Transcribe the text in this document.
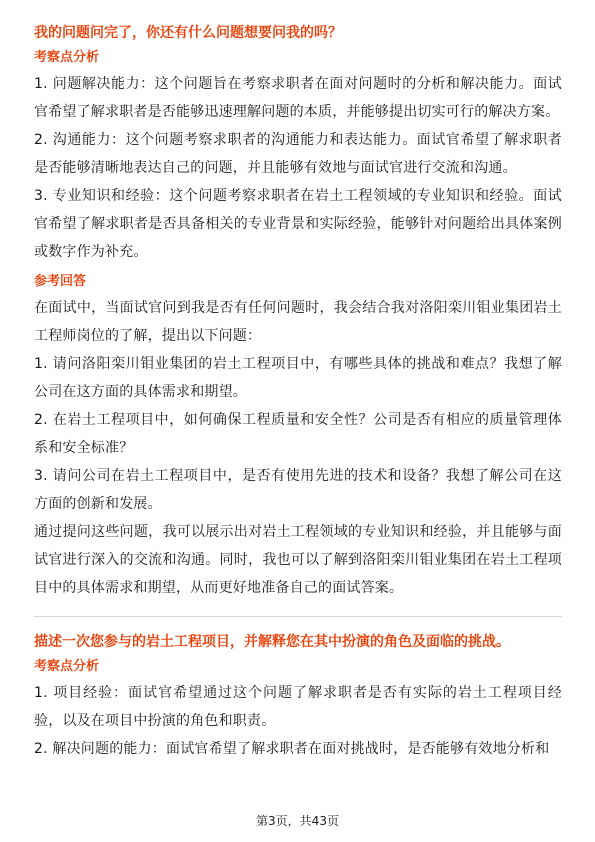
我的问题问完了，你还有什么问题想要问我的吗？
考察点分析

1. 问题解决能力：这个问题旨在考察求职者在面对问题时的分析和解决能力。面试官希望了解求职者是否能够迅速理解问题的本质，并能够提出切实可行的解决方案。

2. 沟通能力：这个问题考察求职者的沟通能力和表达能力。面试官希望了解求职者是否能够清晰地表达自己的问题，并且能够有效地与面试官进行交流和沟通。

3. 专业知识和经验：这个问题考察求职者在岩土工程领域的专业知识和经验。面试官希望了解求职者是否具备相关的专业背景和实际经验，能够针对问题给出具体案例或数字作为补充。

参考回答

在面试中，当面试官问到我是否有任何问题时，我会结合我对洛阳栾川钼业集团岩土工程师岗位的了解，提出以下问题：

1. 请问洛阳栾川钼业集团的岩土工程项目中，有哪些具体的挑战和难点？我想了解公司在这方面的具体需求和期望。

2. 在岩土工程项目中，如何确保工程质量和安全性？公司是否有相应的质量管理体系和安全标准？

3. 请问公司在岩土工程项目中，是否有使用先进的技术和设备？我想了解公司在这方面的创新和发展。

通过提问这些问题，我可以展示出对岩土工程领域的专业知识和经验，并且能够与面试官进行深入的交流和沟通。同时，我也可以了解到洛阳栾川钼业集团在岩土工程项目中的具体需求和期望，从而更好地准备自己的面试答案。

描述一次您参与的岩土工程项目，并解释您在其中扮演的角色及面临的挑战。
考察点分析

1. 项目经验：面试官希望通过这个问题了解求职者是否有实际的岩土工程项目经验，以及在项目中扮演的角色和职责。

2. 解决问题的能力：面试官希望了解求职者在面对挑战时，是否能够有效地分析和

第3页，共43页
